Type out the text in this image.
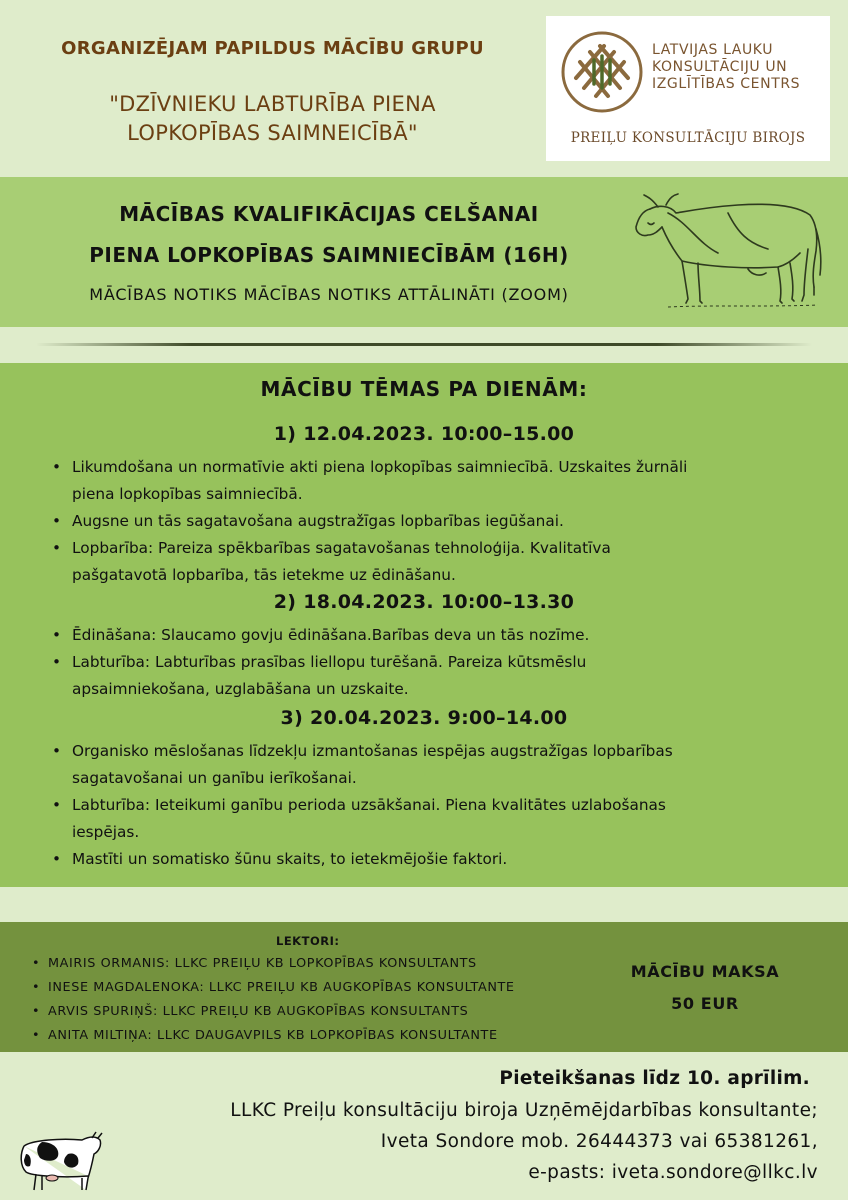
ORGANIZĒJAM PAPILDUS MĀCĪBU GRUPU
"DZĪVNIEKU LABTURĪBA PIENA
LOPKOPĪBAS SAIMNEICĪBĀ"
LATVIJAS LAUKU
KONSULTĀCIJU UN
IZGLĪTĪBAS CENTRS
PREIĻU KONSULTĀCIJU BIROJS
MĀCĪBAS KVALIFIKĀCIJAS CELŠANAI
PIENA LOPKOPĪBAS SAIMNIECĪBĀM (16H)
MĀCĪBAS NOTIKS MĀCĪBAS NOTIKS ATTĀLINĀTI (ZOOM)
MĀCĪBU TĒMAS PA DIENĀM:
1) 12.04.2023. 10:00–15.00
• Likumdošana un normatīvie akti piena lopkopības saimniecībā. Uzskaites žurnāli
piena lopkopības saimniecībā.
• Augsne un tās sagatavošana augstražīgas lopbarības iegūšanai.
• Lopbarība: Pareiza spēkbarības sagatavošanas tehnoloģija. Kvalitatīva
pašgatavotā lopbarība, tās ietekme uz ēdināšanu.
2) 18.04.2023. 10:00–13.30
• Ēdināšana: Slaucamo govju ēdināšana.Barības deva un tās nozīme.
• Labturība: Labturības prasības liellopu turēšanā. Pareiza kūtsmēslu
apsaimniekošana, uzglabāšana un uzskaite.
3) 20.04.2023. 9:00–14.00
• Organisko mēslošanas līdzekļu izmantošanas iespējas augstražīgas lopbarības
sagatavošanai un ganību ierīkošanai.
• Labturība: Ieteikumi ganību perioda uzsākšanai. Piena kvalitātes uzlabošanas
iespējas.
• Mastīti un somatisko šūnu skaits, to ietekmējošie faktori.
LEKTORI:
• MAIRIS ORMANIS: LLKC PREIĻU KB LOPKOPĪBAS KONSULTANTS
• INESE MAGDALENOKA: LLKC PREIĻU KB AUGKOPĪBAS KONSULTANTE
• ARVIS SPURIŅŠ: LLKC PREIĻU KB AUGKOPĪBAS KONSULTANTS
• ANITA MILTIŅA: LLKC DAUGAVPILS KB LOPKOPĪBAS KONSULTANTE
MĀCĪBU MAKSA
50 EUR
Pieteikšanas līdz 10. aprīlim.
LLKC Preiļu konsultāciju biroja Uzņēmējdarbības konsultante;
Iveta Sondore mob. 26444373 vai 65381261,
e-pasts: iveta.sondore@llkc.lv
